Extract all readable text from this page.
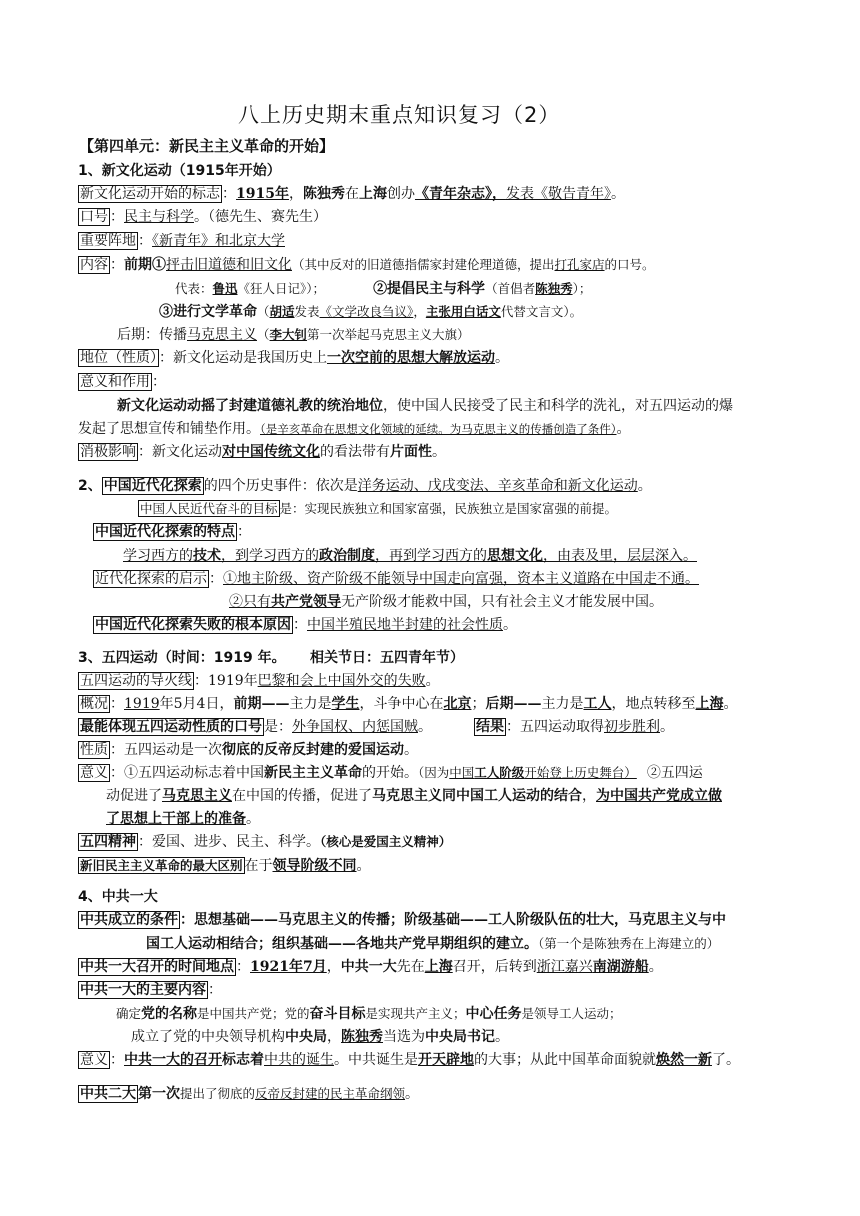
八上历史期末重点知识复习（2）
【第四单元：新民主主义革命的开始】
1、新文化运动（1915年开始）
新文化运动开始的标志 ：1915年，陈独秀在上海创办《青年杂志》，发表《敬告青年》。
口号 ：民主与科学。（德先生、赛先生）
重要阵地 ：《新青年》和北京大学
内容 ：前期①抨击旧道德和旧文化（其中反对的旧道德指儒家封建伦理道德，提出打孔家店的口号。
代表：鲁迅《狂人日记》）；	②提倡民主与科学（首倡者陈独秀）；
③进行文学革命（胡适发表《文学改良刍议》，主张用白话文代替文言文）。
后期：传播马克思主义（李大钊第一次举起马克思主义大旗）
地位（性质） ：新文化运动是我国历史上一次空前的思想大解放运动。
意义和作用 ：
新文化运动动摇了封建道德礼教的统治地位，使中国人民接受了民主和科学的洗礼，对五四运动的爆
发起了思想宣传和铺垫作用。（是辛亥革命在思想文化领域的延续。为马克思主义的传播创造了条件）。
消极影响 ：新文化运动对中国传统文化的看法带有片面性。
2、 中国近代化探索 的四个历史事件：依次是洋务运动、戊戌变法、辛亥革命和新文化运动。
中国人民近代奋斗的目标 是：实现民族独立和国家富强，民族独立是国家富强的前提。
中国近代化探索的特点 ：
学习西方的技术，到学习西方的政治制度，再到学习西方的思想文化，由表及里，层层深入。
近代化探索的启示 ：①地主阶级、资产阶级不能领导中国走向富强，资本主义道路在中国走不通。
②只有共产党领导无产阶级才能救中国，只有社会主义才能发展中国。
中国近代化探索失败的根本原因 ：中国半殖民地半封建的社会性质。
3、五四运动（时间：1919 年。     相关节日：五四青年节）
五四运动的导火线 ：1919年巴黎和会上中国外交的失败。
概况 ：1919年5月4日，前期——主力是学生，斗争中心在北京；后期——主力是工人，地点转移至上海。
最能体现五四运动性质的口号 是：外争国权、内惩国贼。	结果 ：五四运动取得初步胜利。
性质 ：五四运动是一次彻底的反帝反封建的爱国运动。
意义 ：①五四运动标志着中国新民主主义革命的开始。（因为中国工人阶级开始登上历史舞台） ②五四运
动促进了马克思主义在中国的传播，促进了马克思主义同中国工人运动的结合，为中国共产党成立做
了思想上干部上的准备。
五四精神 ：爱国、进步、民主、科学。（核心是爱国主义精神）
新旧民主主义革命的最大区别 在于领导阶级不同。
4、中共一大
中共成立的条件 ：思想基础——马克思主义的传播；阶级基础——工人阶级队伍的壮大，马克思主义与中
国工人运动相结合；组织基础——各地共产党早期组织的建立。（第一个是陈独秀在上海建立的）
中共一大召开的时间地点 ：1921年7月，中共一大先在上海召开，后转到浙江嘉兴南湖游船。
中共一大的主要内容 ：
确定党的名称是中国共产党；党的奋斗目标是实现共产主义；中心任务是领导工人运动；
成立了党的中央领导机构中央局，陈独秀当选为中央局书记。
意义 ：中共一大的召开标志着中共的诞生。中共诞生是开天辟地的大事；从此中国革命面貌就焕然一新了。
中共二大 第一次提出了彻底的反帝反封建的民主革命纲领。
